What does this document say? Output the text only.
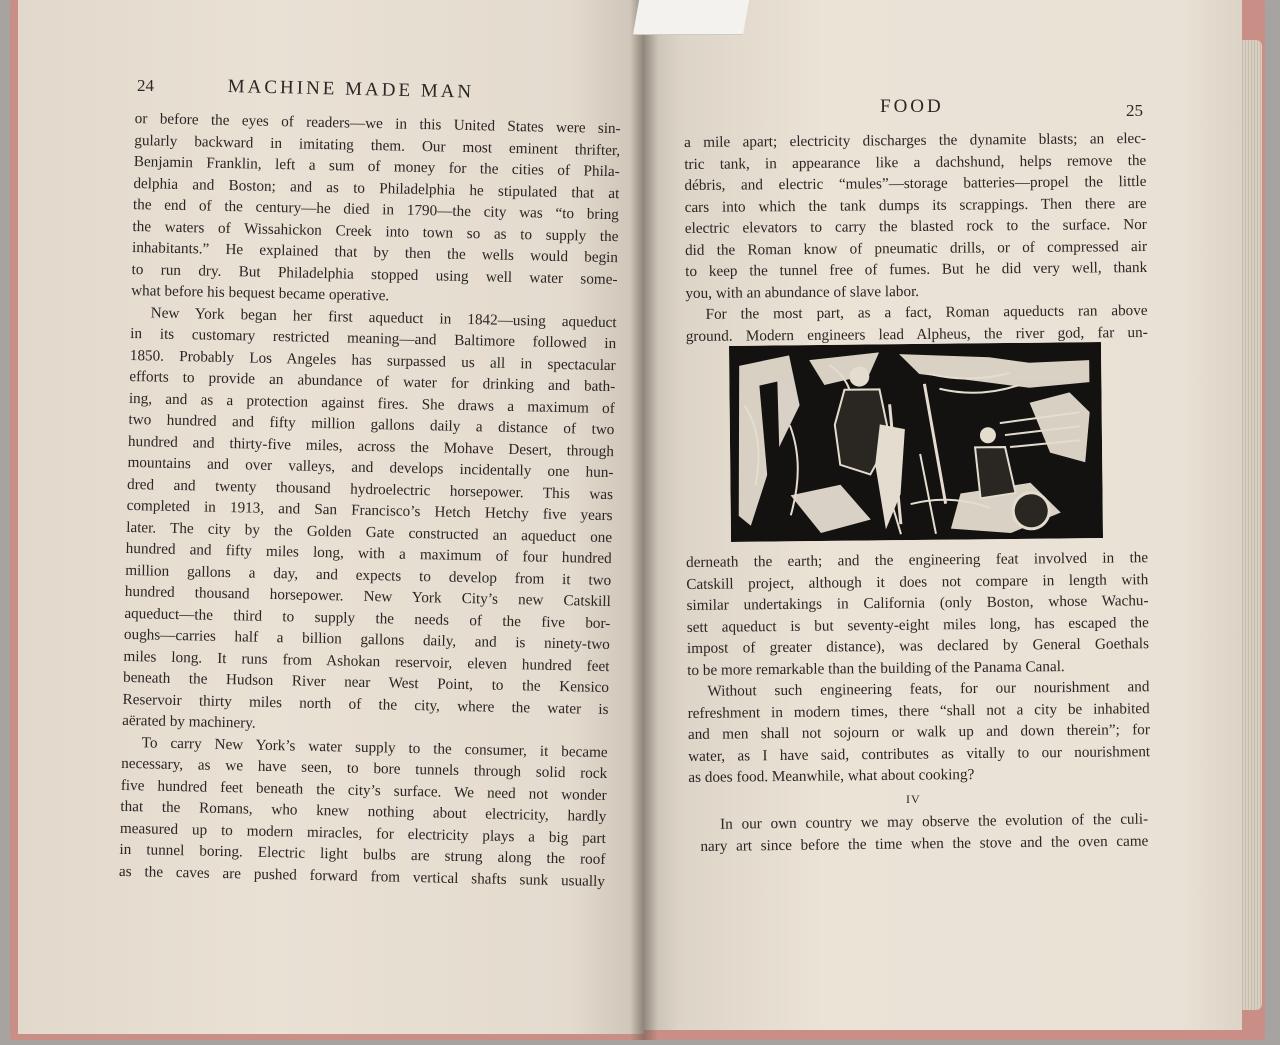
24	MACHINE MADE MAN
or before the eyes of readers—we in this United States were sin-
gularly backward in imitating them. Our most eminent thrifter,
Benjamin Franklin, left a sum of money for the cities of Phila-
delphia and Boston; and as to Philadelphia he stipulated that at
the end of the century—he died in 1790—the city was “to bring
the waters of Wissahickon Creek into town so as to supply the
inhabitants.” He explained that by then the wells would begin
to run dry. But Philadelphia stopped using well water some-
what before his bequest became operative.
New York began her first aqueduct in 1842—using aqueduct
in its customary restricted meaning—and Baltimore followed in
1850. Probably Los Angeles has surpassed us all in spectacular
efforts to provide an abundance of water for drinking and bath-
ing, and as a protection against fires. She draws a maximum of
two hundred and fifty million gallons daily a distance of two
hundred and thirty-five miles, across the Mohave Desert, through
mountains and over valleys, and develops incidentally one hun-
dred and twenty thousand hydroelectric horsepower. This was
completed in 1913, and San Francisco’s Hetch Hetchy five years
later. The city by the Golden Gate constructed an aqueduct one
hundred and fifty miles long, with a maximum of four hundred
million gallons a day, and expects to develop from it two
hundred thousand horsepower. New York City’s new Catskill
aqueduct—the third to supply the needs of the five bor-
oughs—carries half a billion gallons daily, and is ninety-two
miles long. It runs from Ashokan reservoir, eleven hundred feet
beneath the Hudson River near West Point, to the Kensico
Reservoir thirty miles north of the city, where the water is
aërated by machinery.
To carry New York’s water supply to the consumer, it became
necessary, as we have seen, to bore tunnels through solid rock
five hundred feet beneath the city’s surface. We need not wonder
that the Romans, who knew nothing about electricity, hardly
measured up to modern miracles, for electricity plays a big part
in tunnel boring. Electric light bulbs are strung along the roof
as the caves are pushed forward from vertical shafts sunk usually
FOOD	25
a mile apart; electricity discharges the dynamite blasts; an elec-
tric tank, in appearance like a dachshund, helps remove the
débris, and electric “mules”—storage batteries—propel the little
cars into which the tank dumps its scrappings. Then there are
electric elevators to carry the blasted rock to the surface. Nor
did the Roman know of pneumatic drills, or of compressed air
to keep the tunnel free of fumes. But he did very well, thank
you, with an abundance of slave labor.
For the most part, as a fact, Roman aqueducts ran above
ground. Modern engineers lead Alpheus, the river god, far un-
derneath the earth; and the engineering feat involved in the
Catskill project, although it does not compare in length with
similar undertakings in California (only Boston, whose Wachu-
sett aqueduct is but seventy-eight miles long, has escaped the
impost of greater distance), was declared by General Goethals
to be more remarkable than the building of the Panama Canal.
Without such engineering feats, for our nourishment and
refreshment in modern times, there “shall not a city be inhabited
and men shall not sojourn or walk up and down therein”; for
water, as I have said, contributes as vitally to our nourishment
as does food. Meanwhile, what about cooking?
IV
In our own country we may observe the evolution of the culi-
nary art since before the time when the stove and the oven came
